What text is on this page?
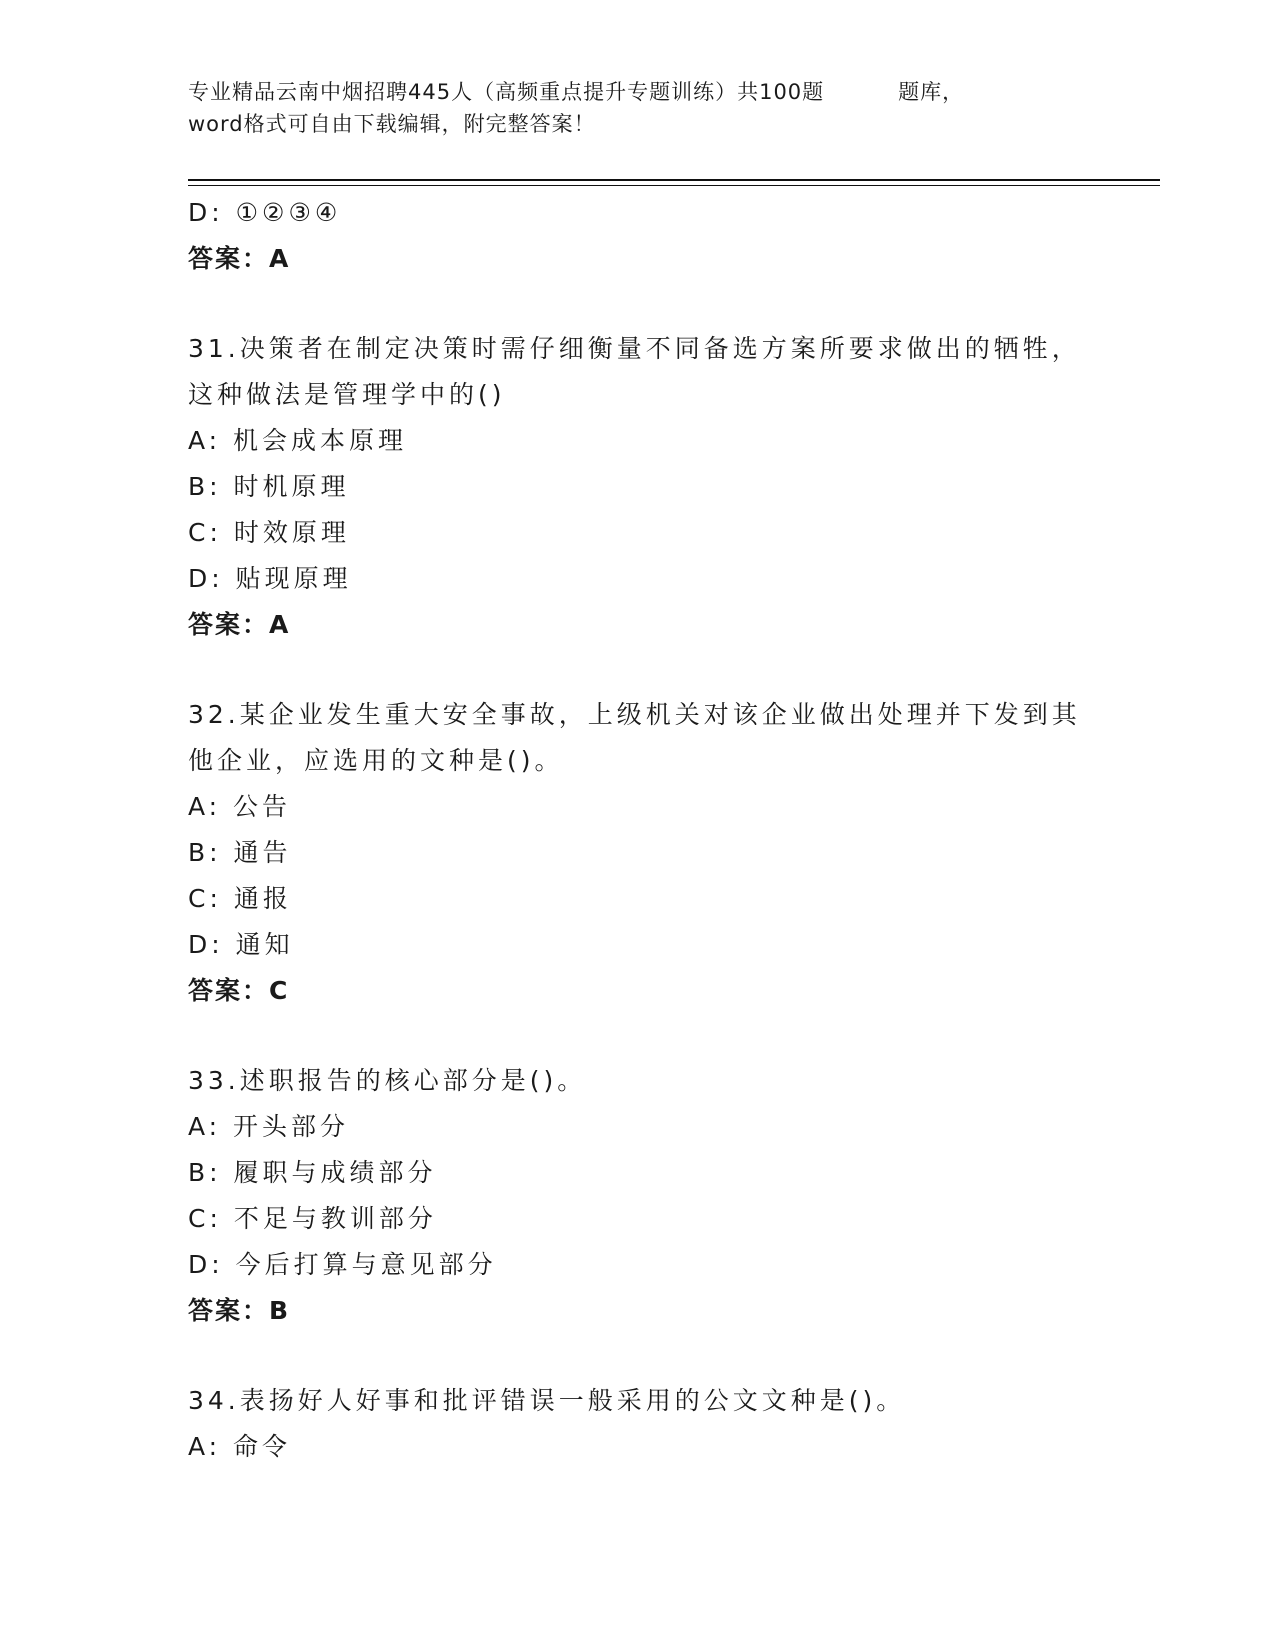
专业精品云南中烟招聘445人（高频重点提升专题训练）共100题	题库，
word格式可自由下载编辑，附完整答案！
D: ①②③④
答案：A
31.决策者在制定决策时需仔细衡量不同备选方案所要求做出的牺牲，
这种做法是管理学中的()
A: 机会成本原理
B: 时机原理
C: 时效原理
D: 贴现原理
答案：A
32.某企业发生重大安全事故，上级机关对该企业做出处理并下发到其
他企业，应选用的文种是()。
A: 公告
B: 通告
C: 通报
D: 通知
答案：C
33.述职报告的核心部分是()。
A: 开头部分
B: 履职与成绩部分
C: 不足与教训部分
D: 今后打算与意见部分
答案：B
34.表扬好人好事和批评错误一般采用的公文文种是()。
A: 命令
